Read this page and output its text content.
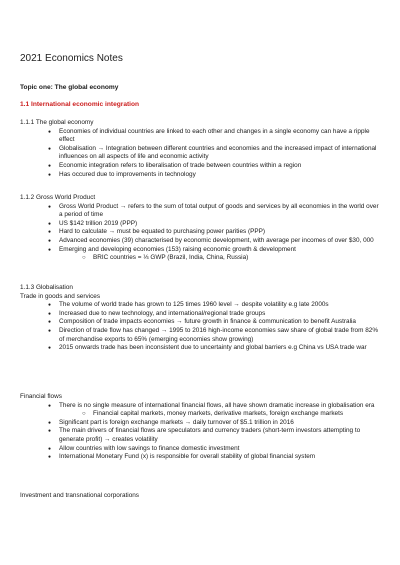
2021 Economics Notes
Topic one: The global economy
1.1 International economic integration

1.1.1 The global economy

● Economies of individual countries are linked to each other and changes in a single economy can have a ripple effect
● Globalisation → Integration between different countries and economies and the increased impact of international influences on all aspects of life and economic activity
● Economic integration refers to liberalisation of trade between countries within a region
● Has occured due to improvements in technology

1.1.2 Gross World Product

● Gross World Product → refers to the sum of total output of goods and services by all economies in the world over a period of time
● US $142 trillion 2019 (PPP)
● Hard to calculate → must be equated to purchasing power parities (PPP)
● Advanced economies (39) characterised by economic development, with average per incomes of over $30, 000
● Emerging and developing economies (153) raising economic growth & development
○ BRIC countries = ⅓ GWP (Brazil, India, China, Russia)

1.1.3 Globalisation

Trade in goods and services

● The volume of world trade has grown to 125 times 1960 level → despite volatility e.g late 2000s
● Increased due to new technology, and international/regional trade groups
● Composition of trade impacts economies → future growth in finance & communication to benefit Australia
● Direction of trade flow has changed → 1995 to 2016 high-income economies saw share of global trade from 82% of merchandise exports to 65% (emerging economies show growing)
● 2015 onwards trade has been inconsistent due to uncertainty and global barriers e.g China vs USA trade war

Financial flows

● There is no single measure of international financial flows, all have shown dramatic increase in globalisation era
○ Financial capital markets, money markets, derivative markets, foreign exchange markets
● Significant part is foreign exchange markets → daily turnover of $5.1 trillion in 2016
● The main drivers of financial flows are speculators and currency traders (short-term investors attempting to generate profit) → creates volatility
● Allow countries with low savings to finance domestic investment
● International Monetary Fund (x) is responsible for overall stability of global financial system

Investment and transnational corporations
